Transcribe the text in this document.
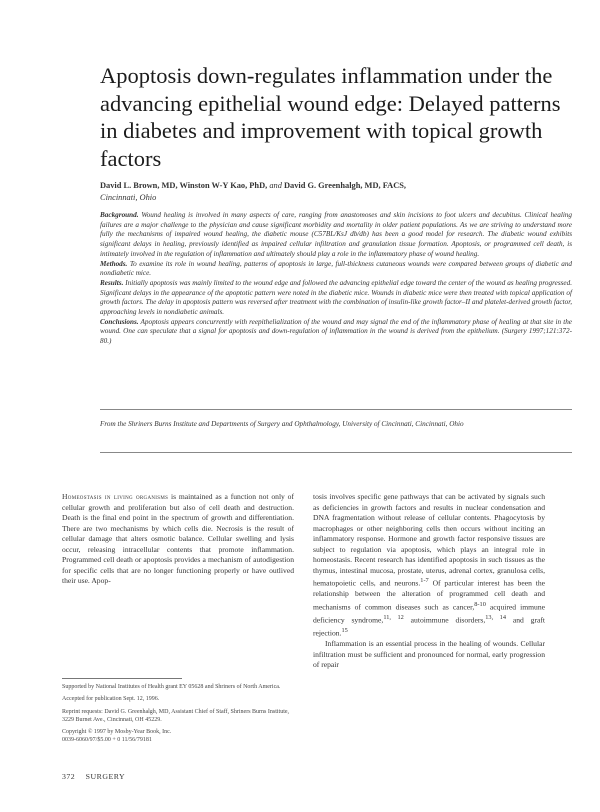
Apoptosis down-regulates inflammation under the advancing epithelial wound edge: Delayed patterns in diabetes and improvement with topical growth factors
David L. Brown, MD, Winston W-Y Kao, PhD, and David G. Greenhalgh, MD, FACS,
Cincinnati, Ohio

Background. Wound healing is involved in many aspects of care, ranging from anastomoses and skin incisions to foot ulcers and decubitus. Clinical healing failures are a major challenge to the physician and cause significant morbidity and mortality in older patient populations. As we are striving to understand more fully the mechanisms of impaired wound healing, the diabetic mouse (C57BL/KsJ db/db) has been a good model for research. The diabetic wound exhibits significant delays in healing, previously identified as impaired cellular infiltration and granulation tissue formation. Apoptosis, or programmed cell death, is intimately involved in the regulation of inflammation and ultimately should play a role in the inflammatory phase of wound healing.

Methods. To examine its role in wound healing, patterns of apoptosis in large, full-thickness cutaneous wounds were compared between groups of diabetic and nondiabetic mice.

Results. Initially apoptosis was mainly limited to the wound edge and followed the advancing epithelial edge toward the center of the wound as healing progressed. Significant delays in the appearance of the apoptotic pattern were noted in the diabetic mice. Wounds in diabetic mice were then treated with topical application of growth factors. The delay in apoptosis pattern was reversed after treatment with the combination of insulin-like growth factor–II and platelet-derived growth factor, approaching levels in nondiabetic animals.

Conclusions. Apoptosis appears concurrently with reepithelialization of the wound and may signal the end of the inflammatory phase of healing at that site in the wound. One can speculate that a signal for apoptosis and down-regulation of inflammation in the wound is derived from the epithelium. (Surgery 1997;121:372-80.)

From the Shriners Burns Institute and Departments of Surgery and Ophthalmology, University of Cincinnati, Cincinnati, Ohio

Homeostasis in living organisms is maintained as a function not only of cellular growth and proliferation but also of cell death and destruction. Death is the final end point in the spectrum of growth and differentiation. There are two mechanisms by which cells die. Necrosis is the result of cellular damage that alters osmotic balance. Cellular swelling and lysis occur, releasing intracellular contents that promote inflammation. Programmed cell death or apoptosis provides a mechanism of autodigestion for specific cells that are no longer functioning properly or have outlived their use. Apop-

Supported by National Institutes of Health grant EY 05628 and Shriners of North America.

Accepted for publication Sept. 12, 1996.

Reprint requests: David G. Greenhalgh, MD, Assistant Chief of Staff, Shriners Burns Institute, 3229 Burnet Ave., Cincinnati, OH 45229.

Copyright © 1997 by Mosby-Year Book, Inc.

0039-6060/97/$5.00 + 0 11/56/79181

tosis involves specific gene pathways that can be activated by signals such as deficiencies in growth factors and results in nuclear condensation and DNA fragmentation without release of cellular contents. Phagocytosis by macrophages or other neighboring cells then occurs without inciting an inflammatory response. Hormone and growth factor responsive tissues are subject to regulation via apoptosis, which plays an integral role in homeostasis. Recent research has identified apoptosis in such tissues as the thymus, intestinal mucosa, prostate, uterus, adrenal cortex, granulosa cells, hematopoietic cells, and neurons.$^{1-7}$ Of particular interest has been the relationship between the alteration of programmed cell death and mechanisms of common diseases such as cancer,$^{8-10}$ acquired immune deficiency syndrome,$^{11, 12}$ autoimmune disorders,$^{13, 14}$ and graft rejection.$^{15}$

Inflammation is an essential process in the healing of wounds. Cellular infiltration must be sufficient and pronounced for normal, early progression of repair

372 SURGERY
